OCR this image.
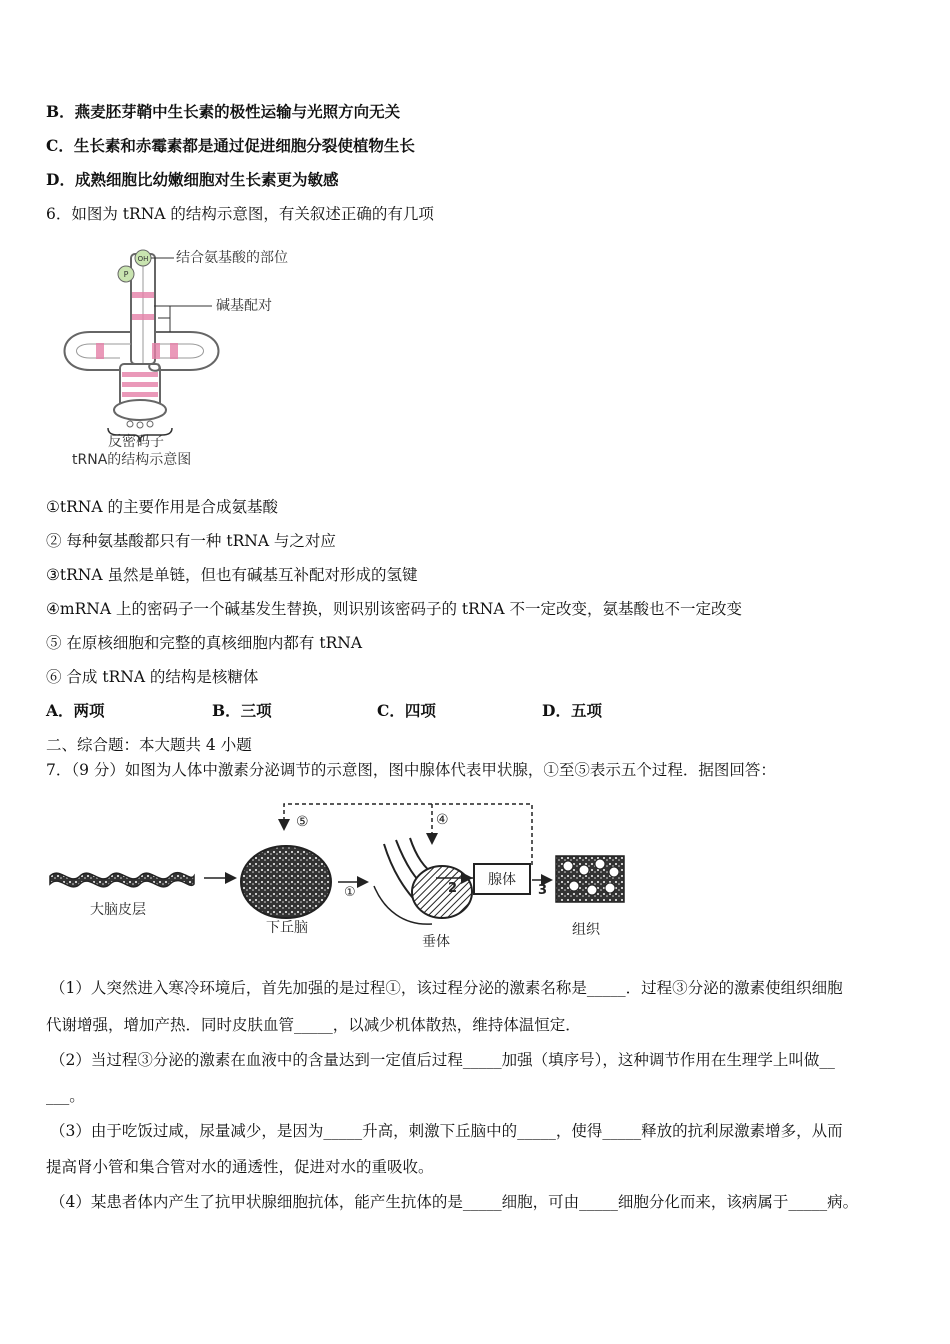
B．燕麦胚芽鞘中生长素的极性运输与光照方向无关
C．生长素和赤霉素都是通过促进细胞分裂使植物生长
D．成熟细胞比幼嫩细胞对生长素更为敏感
6．如图为 tRNA 的结构示意图，有关叙述正确的有几项
P
OH 结合氨基酸的部位
碱基配对
反密码子
tRNA的结构示意图
①tRNA 的主要作用是合成氨基酸
② 每种氨基酸都只有一种 tRNA 与之对应
③tRNA 虽然是单链，但也有碱基互补配对形成的氢键
④mRNA 上的密码子一个碱基发生替换，则识别该密码子的 tRNA 不一定改变，氨基酸也不一定改变
⑤ 在原核细胞和完整的真核细胞内都有 tRNA
⑥ 合成 tRNA 的结构是核糖体
A．两项	B．三项	C．四项	D．五项
二、综合题：本大题共 4 小题
7．（9 分）如图为人体中激素分泌调节的示意图，图中腺体代表甲状腺，①至⑤表示五个过程．据图回答：
⑤	④
大脑皮层
下丘脑
①
垂体
2
腺体
3
组织
（1）人突然进入寒冷环境后，首先加强的是过程①，该过程分泌的激素名称是_____．过程③分泌的激素使组织细胞
代谢增强，增加产热．同时皮肤血管_____，以减少机体散热，维持体温恒定．
（2）当过程③分泌的激素在血液中的含量达到一定值后过程_____加强（填序号），这种调节作用在生理学上叫做__
___。
（3）由于吃饭过咸，尿量减少，是因为_____升高，刺激下丘脑中的_____，使得_____释放的抗利尿激素增多，从而
提高肾小管和集合管对水的通透性，促进对水的重吸收。
（4）某患者体内产生了抗甲状腺细胞抗体，能产生抗体的是_____细胞，可由_____细胞分化而来，该病属于_____病。
